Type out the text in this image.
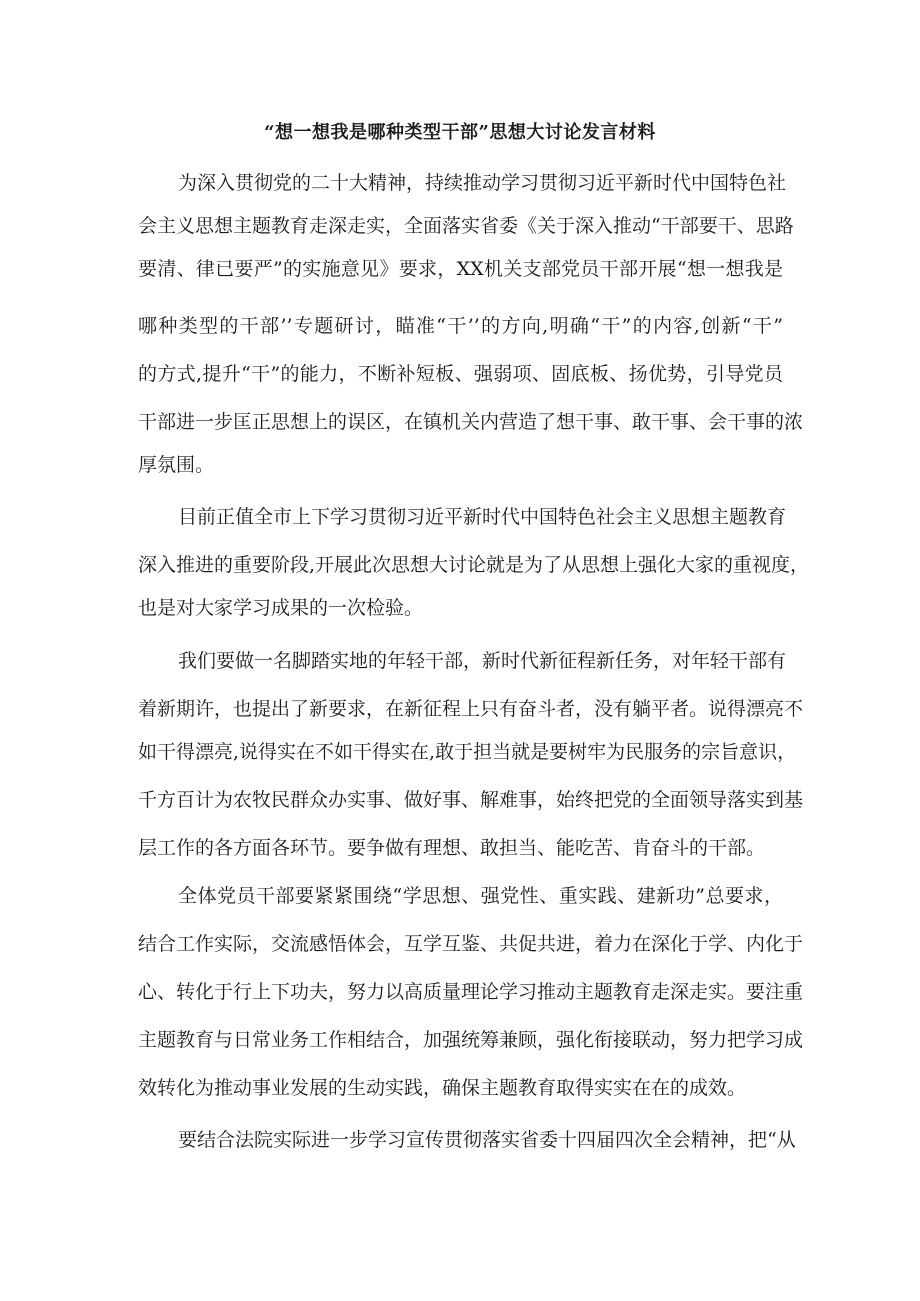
“想一想我是哪种类型干部”思想大讨论发言材料
为深入贯彻党的二十大精神，持续推动学习贯彻习近平新时代中国特色社
会主义思想主题教育走深走实，全面落实省委《关于深入推动“干部要干、思路
要清、律已要严”的实施意见》要求，XX机关支部党员干部开展“想一想我是
哪种类型的干部’’专题研讨，瞄准“干’’的方向,明确“干”的内容,创新“干”
的方式,提升“干”的能力，不断补短板、强弱项、固底板、扬优势，引导党员
干部进一步匡正思想上的误区，在镇机关内营造了想干事、敢干事、会干事的浓
厚氛围。
目前正值全市上下学习贯彻习近平新时代中国特色社会主义思想主题教育
深入推进的重要阶段,开展此次思想大讨论就是为了从思想上强化大家的重视度，
也是对大家学习成果的一次检验。
我们要做一名脚踏实地的年轻干部，新时代新征程新任务，对年轻干部有
着新期许，也提出了新要求，在新征程上只有奋斗者，没有躺平者。说得漂亮不
如干得漂亮,说得实在不如干得实在,敢于担当就是要树牢为民服务的宗旨意识，
千方百计为农牧民群众办实事、做好事、解难事，始终把党的全面领导落实到基
层工作的各方面各环节。要争做有理想、敢担当、能吃苦、肯奋斗的干部。
全体党员干部要紧紧围绕“学思想、强党性、重实践、建新功”总要求，
结合工作实际，交流感悟体会，互学互鉴、共促共进，着力在深化于学、内化于
心、转化于行上下功夫，努力以高质量理论学习推动主题教育走深走实。要注重
主题教育与日常业务工作相结合，加强统筹兼顾，强化衔接联动，努力把学习成
效转化为推动事业发展的生动实践，确保主题教育取得实实在在的成效。
要结合法院实际进一步学习宣传贯彻落实省委十四届四次全会精神，把“从
